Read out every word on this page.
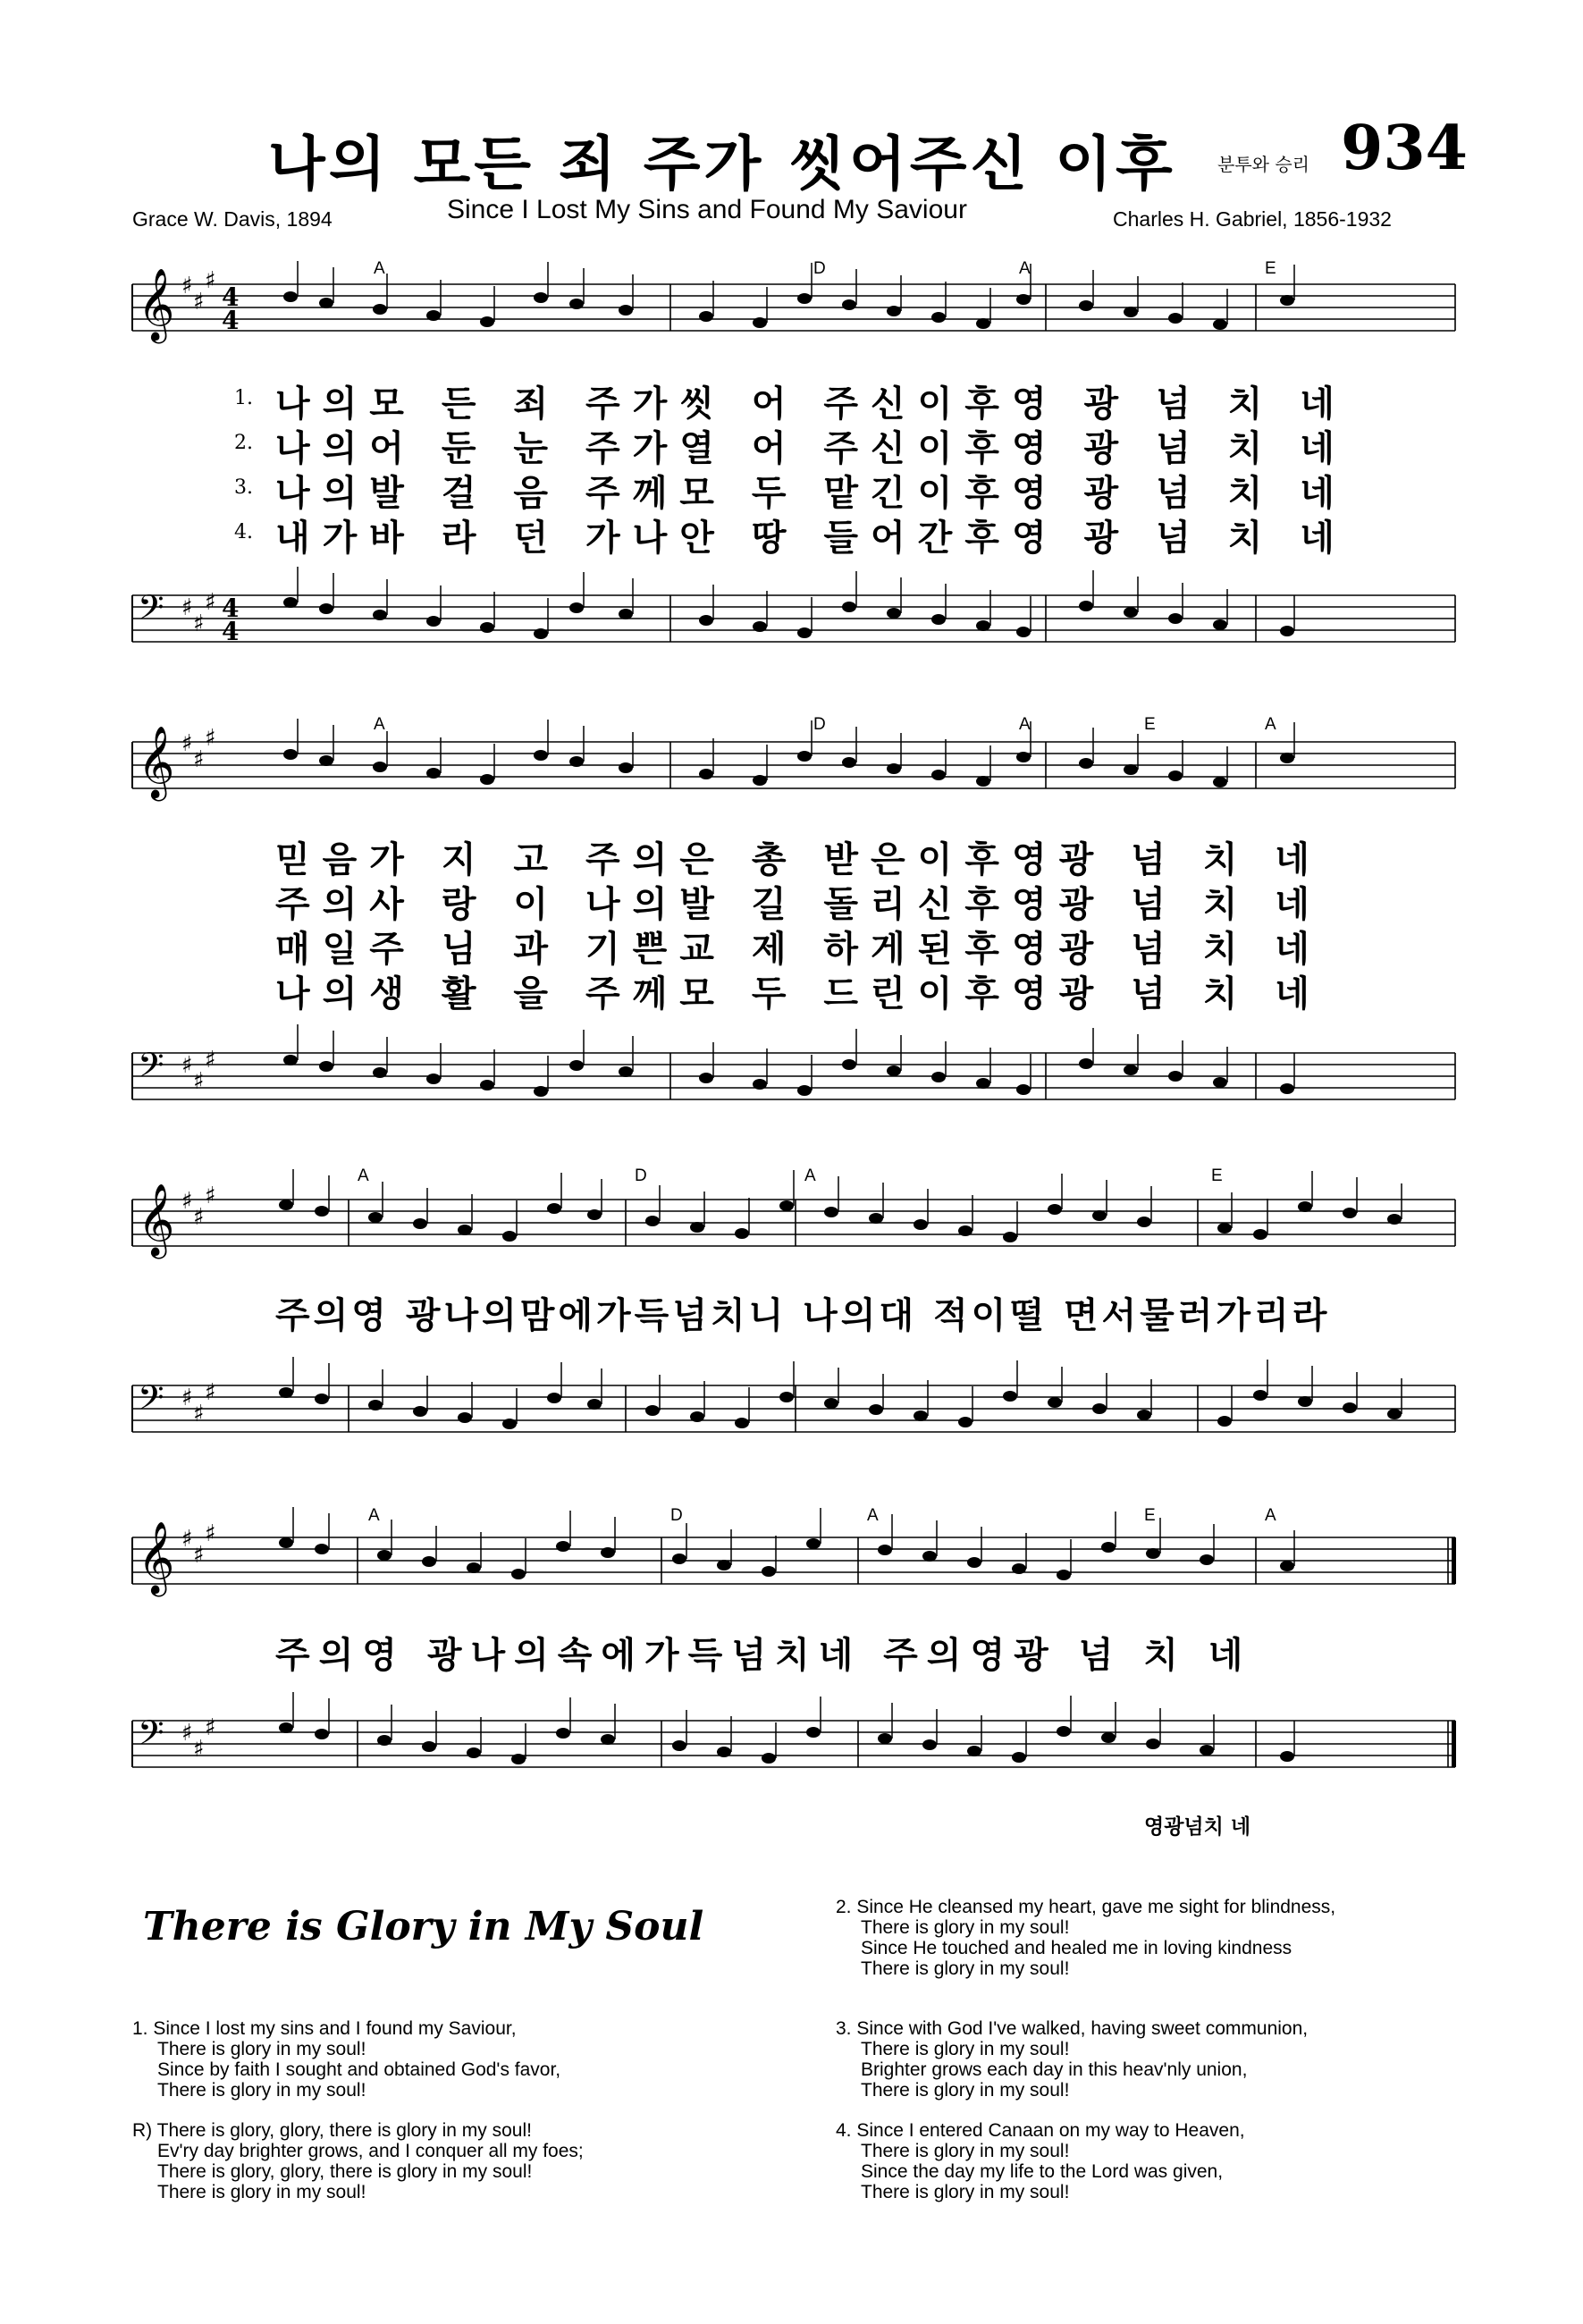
나의 모든 죄 주가 씻어주신 이후 분투와 승리 934
Grace W. Davis, 1894	Since I Lost My Sins and Found My Saviour	Charles H. Gabriel, 1856-1932
𝄞 ♯
♯
♯
4
4
𝄢 ♯
♯
♯ 4
4
𝄞 ♯
♯
♯
𝄢 ♯
♯
♯
𝄞 ♯
♯
♯
𝄢 ♯
♯
♯
𝄞 ♯
♯
♯
𝄢 ♯
♯
♯
1. 나의모 든 죄 주가씻 어 주신이후영 광 넘 치 네
2. 나의어 둔 눈 주가열 어 주신이후영 광 넘 치 네
3. 나의발 걸 음 주께모 두 맡긴이후영 광 넘 치 네
4. 내가바 라 던 가나안 땅 들어간후영 광 넘 치 네
A	D	A	E
믿음가 지 고 주의은 총 받은이후영광 넘 치 네
주의사 랑 이 나의발 길 돌리신후영광 넘 치 네
매일주 님 과 기쁜교 제 하게된후영광 넘 치 네
나의생 활 을 주께모 두 드린이후영광 넘 치 네
A	D	A	E	A
주의영 광나의맘에가득넘치니 나의대 적이떨 면서물러가리라
A	D	A	E
주의영 광나의속에가득넘치네 주의영광 넘 치 네
A	D	A	E	A
영광넘치 네
There is Glory in My Soul
1. Since I lost my sins and I found my Saviour,
There is glory in my soul!
Since by faith I sought and obtained God's favor,
There is glory in my soul!
R) There is glory, glory, there is glory in my soul!
Ev'ry day brighter grows, and I conquer all my foes;
There is glory, glory, there is glory in my soul!
There is glory in my soul!
2. Since He cleansed my heart, gave me sight for blindness,
There is glory in my soul!
Since He touched and healed me in loving kindness
There is glory in my soul!
3. Since with God I've walked, having sweet communion,
There is glory in my soul!
Brighter grows each day in this heav'nly union,
There is glory in my soul!
4. Since I entered Canaan on my way to Heaven,
There is glory in my soul!
Since the day my life to the Lord was given,
There is glory in my soul!
